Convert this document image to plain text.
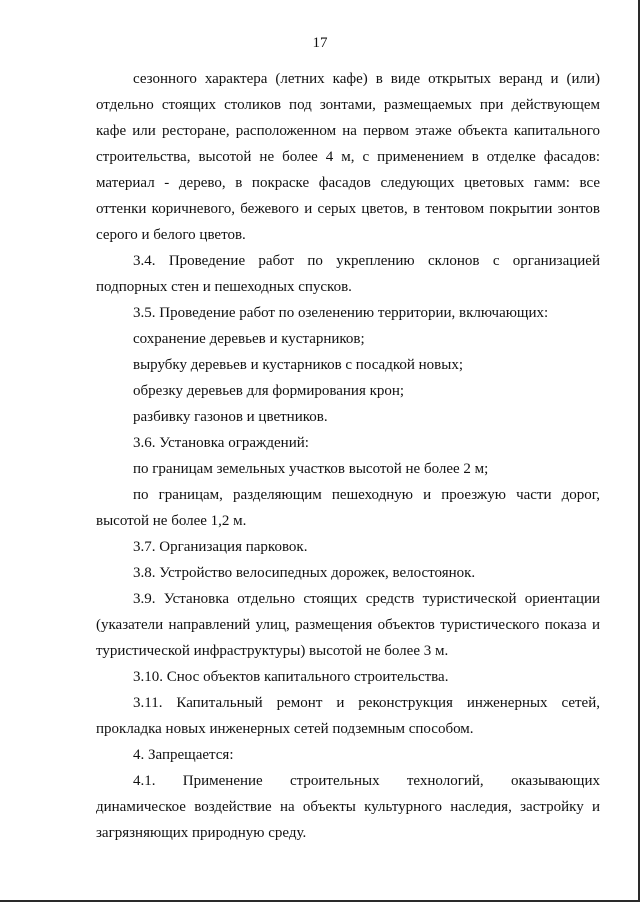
17
сезонного характера (летних кафе) в виде открытых веранд и (или)
отдельно стоящих столиков под зонтами, размещаемых при действующем
кафе или ресторане, расположенном на первом этаже объекта капитального
строительства, высотой не более 4 м, с применением в отделке фасадов:
материал - дерево, в покраске фасадов следующих цветовых гамм: все
оттенки коричневого, бежевого и серых цветов, в тентовом покрытии зонтов
серого и белого цветов.
3.4. Проведение работ по укреплению склонов с организацией
подпорных стен и пешеходных спусков.
3.5. Проведение работ по озеленению территории, включающих:
сохранение деревьев и кустарников;
вырубку деревьев и кустарников с посадкой новых;
обрезку деревьев для формирования крон;
разбивку газонов и цветников.
3.6. Установка ограждений:
по границам земельных участков высотой не более 2 м;
по границам, разделяющим пешеходную и проезжую части дорог,
высотой не более 1,2 м.
3.7. Организация парковок.
3.8. Устройство велосипедных дорожек, велостоянок.
3.9. Установка отдельно стоящих средств туристической ориентации
(указатели направлений улиц, размещения объектов туристического показа и
туристической инфраструктуры) высотой не более 3 м.
3.10. Снос объектов капитального строительства.
3.11. Капитальный ремонт и реконструкция инженерных сетей,
прокладка новых инженерных сетей подземным способом.
4. Запрещается:
4.1. Применение строительных технологий, оказывающих
динамическое воздействие на объекты культурного наследия, застройку и
загрязняющих природную среду.
